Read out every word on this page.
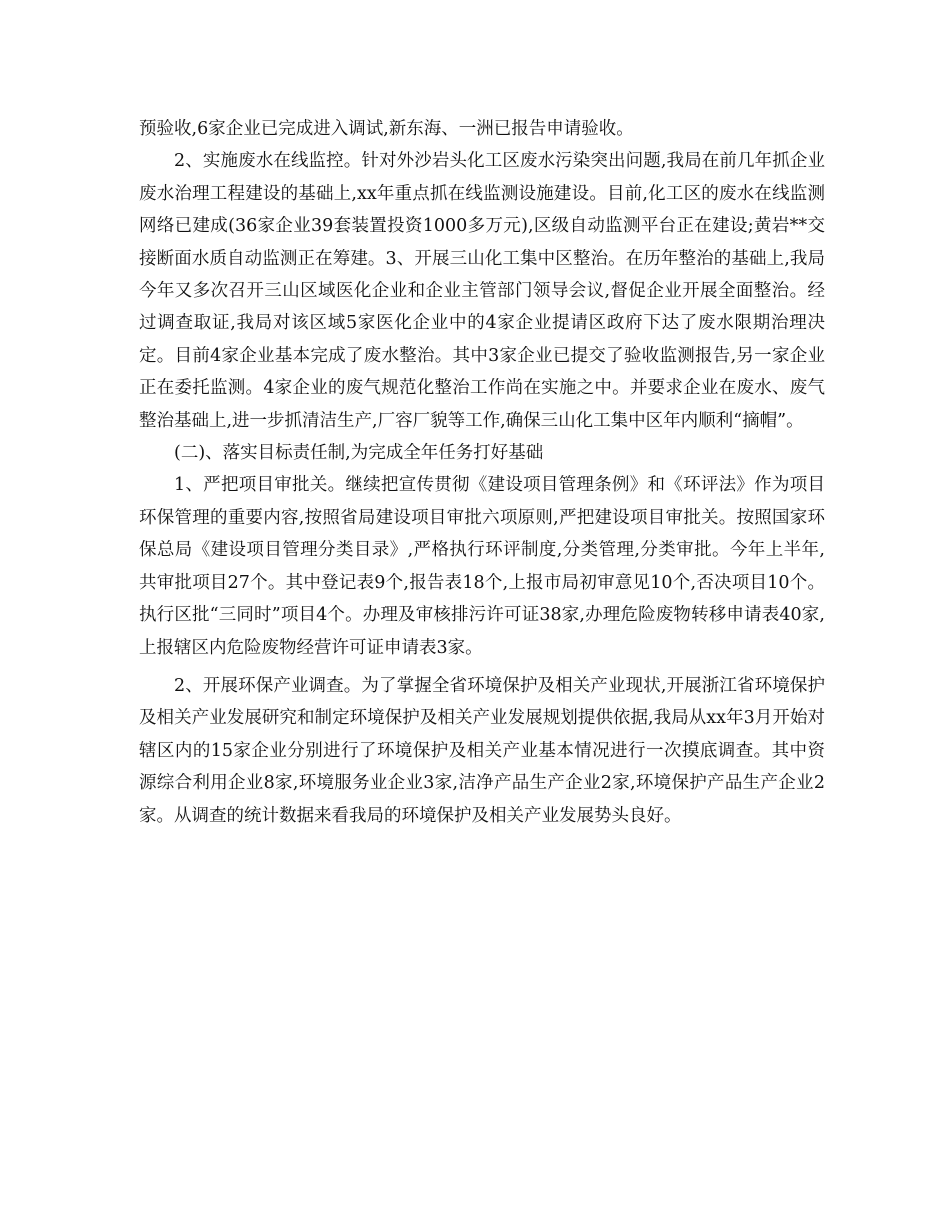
预验收,6家企业已完成进入调试,新东海、一洲已报告申请验收。

2、实施废水在线监控。针对外沙岩头化工区废水污染突出问题,我局在前几年抓企业废水治理工程建设的基础上,xx年重点抓在线监测设施建设。目前,化工区的废水在线监测网络已建成(36家企业39套装置投资1000多万元),区级自动监测平台正在建设;黄岩**交接断面水质自动监测正在筹建。3、开展三山化工集中区整治。在历年整治的基础上,我局今年又多次召开三山区域医化企业和企业主管部门领导会议,督促企业开展全面整治。经过调查取证,我局对该区域5家医化企业中的4家企业提请区政府下达了废水限期治理决定。目前4家企业基本完成了废水整治。其中3家企业已提交了验收监测报告,另一家企业正在委托监测。4家企业的废气规范化整治工作尚在实施之中。并要求企业在废水、废气整治基础上,进一步抓清洁生产,厂容厂貌等工作,确保三山化工集中区年内顺利“摘帽”。

(二)、落实目标责任制,为完成全年任务打好基础

1、严把项目审批关。继续把宣传贯彻《建设项目管理条例》和《环评法》作为项目环保管理的重要内容,按照省局建设项目审批六项原则,严把建设项目审批关。按照国家环保总局《建设项目管理分类目录》,严格执行环评制度,分类管理,分类审批。今年上半年,共审批项目27个。其中登记表9个,报告表18个,上报市局初审意见10个,否决项目10个。执行区批“三同时”项目4个。办理及审核排污许可证38家,办理危险废物转移申请表40家,上报辖区内危险废物经营许可证申请表3家。

2、开展环保产业调查。为了掌握全省环境保护及相关产业现状,开展浙江省环境保护及相关产业发展研究和制定环境保护及相关产业发展规划提供依据,我局从xx年3月开始对辖区内的15家企业分别进行了环境保护及相关产业基本情况进行一次摸底调查。其中资源综合利用企业8家,环境服务业企业3家,洁净产品生产企业2家,环境保护产品生产企业2家。从调查的统计数据来看我局的环境保护及相关产业发展势头良好。
